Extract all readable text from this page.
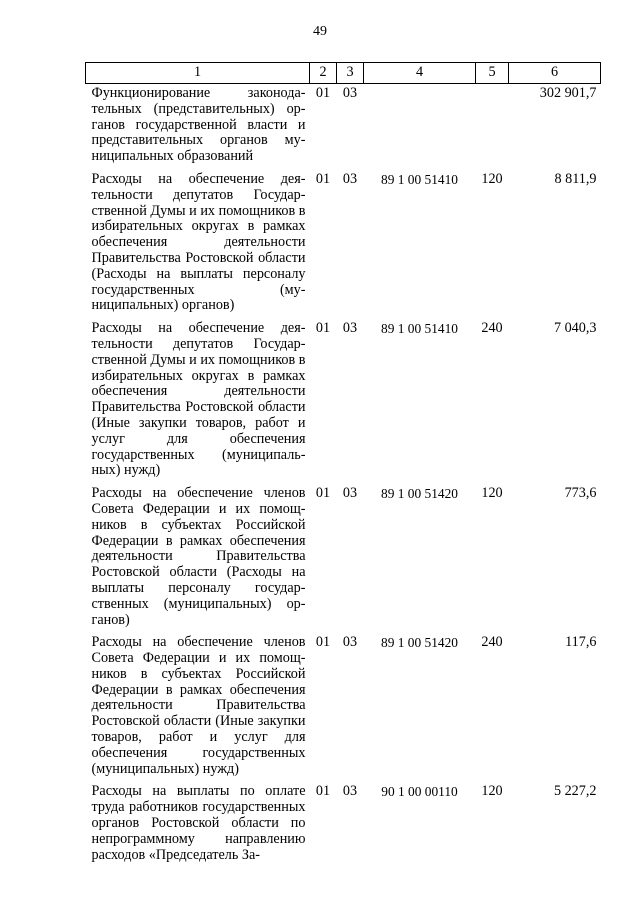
49
1	2	3	4	5	6
Функционирование законодательных (представительных) органов государственной власти и представительных органов муниципальных образований	01	03			302 901,7
Расходы на обеспечение деятельности депутатов Государственной Думы и их помощников в избирательных округах в рамках обеспечения деятельности Правительства Ростовской области (Расходы на выплаты персоналу государственных (муниципальных) органов)	01	03	89 1 00 51410	120	8 811,9
Расходы на обеспечение деятельности депутатов Государственной Думы и их помощников в избирательных округах в рамках обеспечения деятельности Правительства Ростовской области (Иные закупки товаров, работ и услуг для обеспечения государственных (муниципальных) нужд)	01	03	89 1 00 51410	240	7 040,3
Расходы на обеспечение членов Совета Федерации и их помощников в субъектах Российской Федерации в рамках обеспечения деятельности Правительства Ростовской области (Расходы на выплаты персоналу государственных (муниципальных) органов)	01	03	89 1 00 51420	120	773,6
Расходы на обеспечение членов Совета Федерации и их помощников в субъектах Российской Федерации в рамках обеспечения деятельности Правительства Ростовской области (Иные закупки товаров, работ и услуг для обеспечения государственных (муниципальных) нужд)	01	03	89 1 00 51420	240	117,6
Расходы на выплаты по оплате труда работников государственных органов Ростовской области по непрограммному направлению расходов «Председатель За-	01	03	90 1 00 00110	120	5 227,2
